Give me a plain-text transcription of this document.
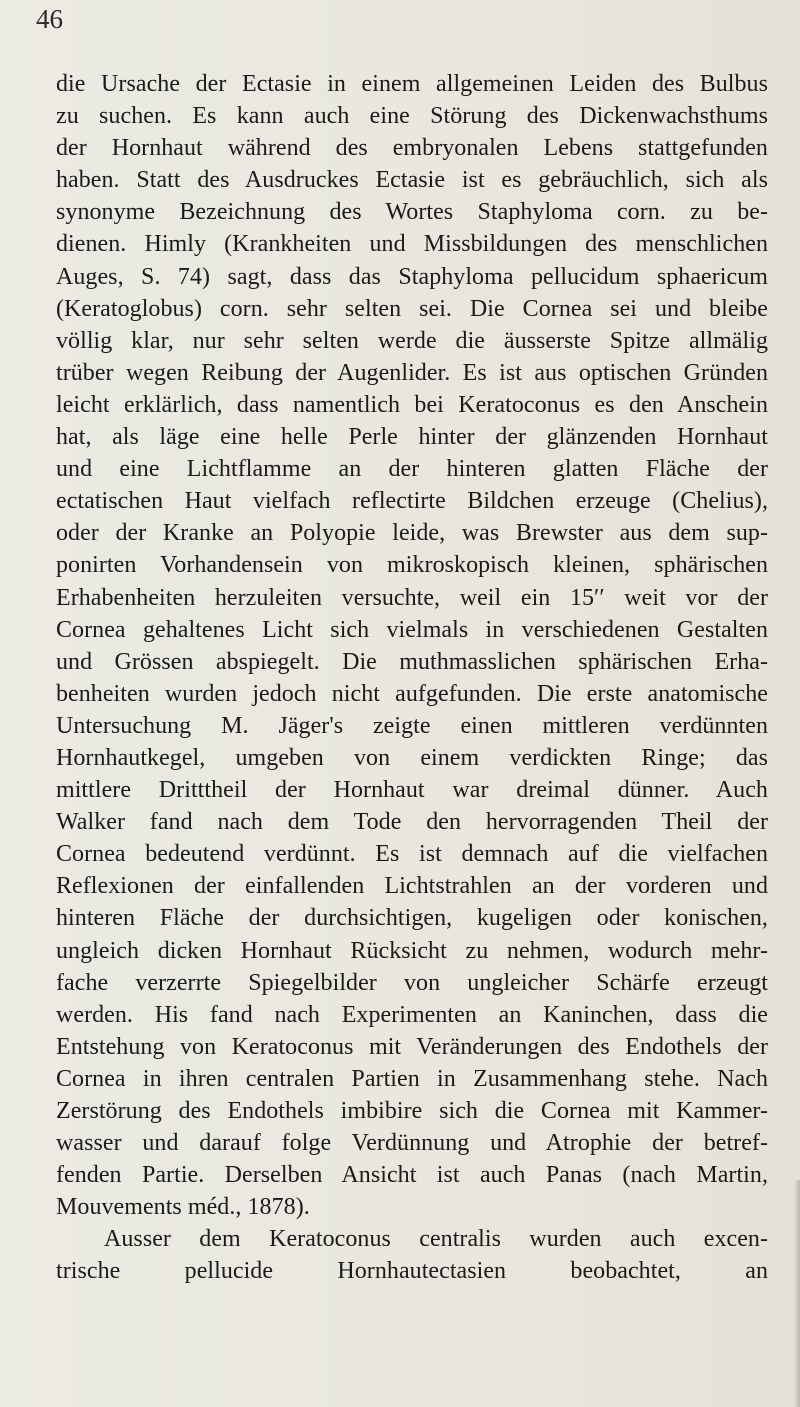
46

die Ursache der Ectasie in einem allgemeinen Leiden des Bulbus
zu suchen. Es kann auch eine Störung des Dickenwachsthums
der Hornhaut während des embryonalen Lebens stattgefunden
haben. Statt des Ausdruckes Ectasie ist es gebräuchlich, sich als
synonyme Bezeichnung des Wortes Staphyloma corn. zu be-
dienen. Himly (Krankheiten und Missbildungen des menschlichen
Auges, S. 74) sagt, dass das Staphyloma pellucidum sphaericum
(Keratoglobus) corn. sehr selten sei. Die Cornea sei und bleibe
völlig klar, nur sehr selten werde die äusserste Spitze allmälig
trüber wegen Reibung der Augenlider. Es ist aus optischen Gründen
leicht erklärlich, dass namentlich bei Keratoconus es den Anschein
hat, als läge eine helle Perle hinter der glänzenden Hornhaut
und eine Lichtflamme an der hinteren glatten Fläche der
ectatischen Haut vielfach reflectirte Bildchen erzeuge (Chelius),
oder der Kranke an Polyopie leide, was Brewster aus dem sup-
ponirten Vorhandensein von mikroskopisch kleinen, sphärischen
Erhabenheiten herzuleiten versuchte, weil ein 15′′ weit vor der
Cornea gehaltenes Licht sich vielmals in verschiedenen Gestalten
und Grössen abspiegelt. Die muthmasslichen sphärischen Erha-
benheiten wurden jedoch nicht aufgefunden. Die erste anatomische
Untersuchung M. Jäger's zeigte einen mittleren verdünnten
Hornhautkegel, umgeben von einem verdickten Ringe; das
mittlere Dritttheil der Hornhaut war dreimal dünner. Auch
Walker fand nach dem Tode den hervorragenden Theil der
Cornea bedeutend verdünnt. Es ist demnach auf die vielfachen
Reflexionen der einfallenden Lichtstrahlen an der vorderen und
hinteren Fläche der durchsichtigen, kugeligen oder konischen,
ungleich dicken Hornhaut Rücksicht zu nehmen, wodurch mehr-
fache verzerrte Spiegelbilder von ungleicher Schärfe erzeugt
werden. His fand nach Experimenten an Kaninchen, dass die
Entstehung von Keratoconus mit Veränderungen des Endothels der
Cornea in ihren centralen Partien in Zusammenhang stehe. Nach
Zerstörung des Endothels imbibire sich die Cornea mit Kammer-
wasser und darauf folge Verdünnung und Atrophie der betref-
fenden Partie. Derselben Ansicht ist auch Panas (nach Martin,
Mouvements méd., 1878).
Ausser dem Keratoconus centralis wurden auch excen-
trische pellucide Hornhautectasien beobachtet, an
